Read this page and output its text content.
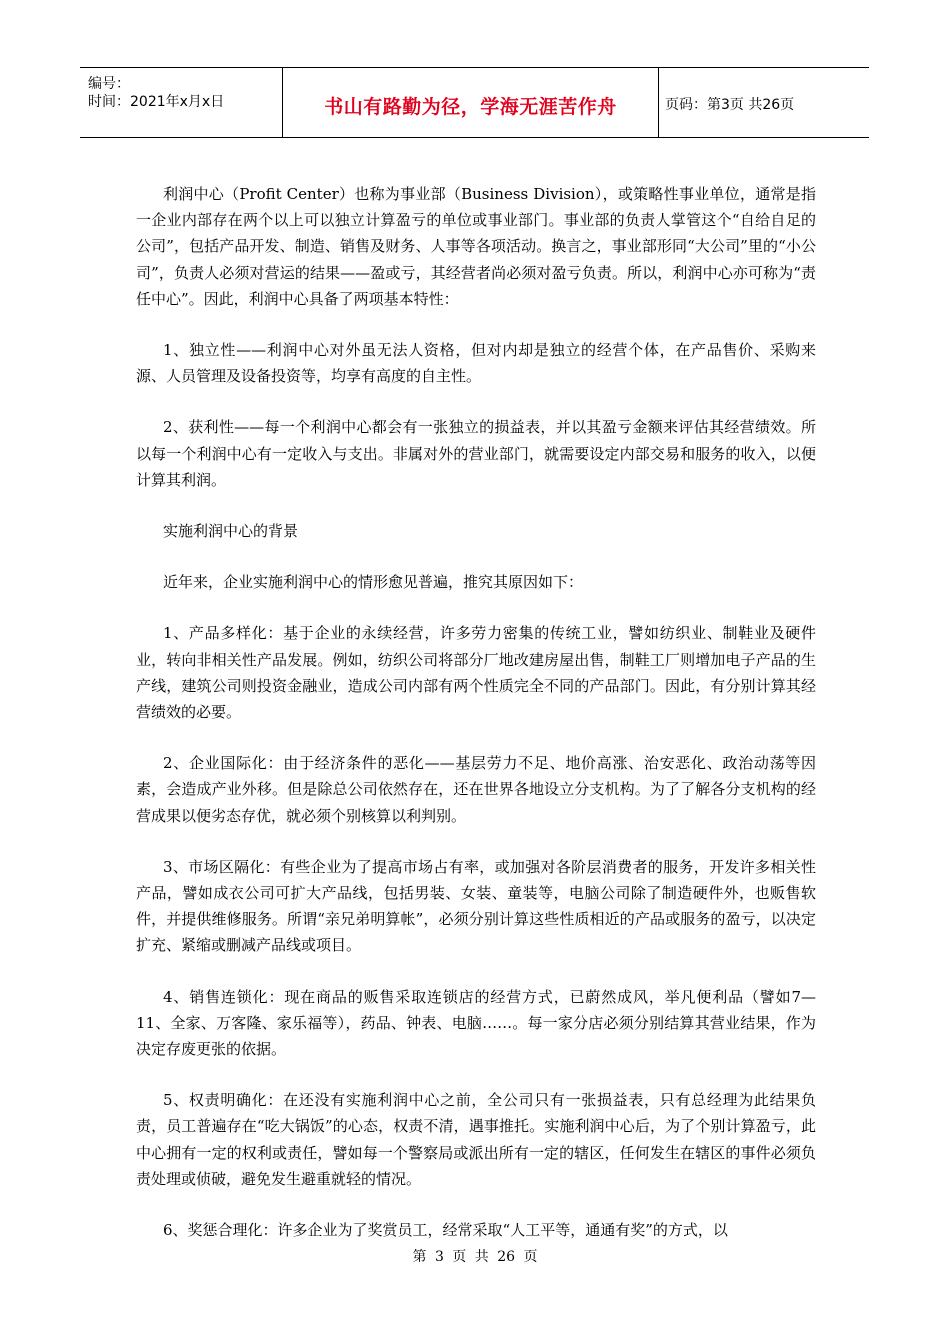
编号：
时间：2021年x月x日	书山有路勤为径，学海无涯苦作舟	页码：第3页 共26页

利润中心（Profit Center）也称为事业部（Business Division），或策略性事业单位，通常是指一企业内部存在两个以上可以独立计算盈亏的单位或事业部门。事业部的负责人掌管这个“自给自足的公司”，包括产品开发、制造、销售及财务、人事等各项活动。换言之，事业部形同“大公司”里的“小公司”，负责人必须对营运的结果——盈或亏，其经营者尚必须对盈亏负责。所以，利润中心亦可称为“责任中心”。因此，利润中心具备了两项基本特性：

1、独立性——利润中心对外虽无法人资格，但对内却是独立的经营个体，在产品售价、采购来源、人员管理及设备投资等，均享有高度的自主性。

2、获利性——每一个利润中心都会有一张独立的损益表，并以其盈亏金额来评估其经营绩效。所以每一个利润中心有一定收入与支出。非属对外的营业部门，就需要设定内部交易和服务的收入，以便计算其利润。

实施利润中心的背景

近年来，企业实施利润中心的情形愈见普遍，推究其原因如下：

1、产品多样化：基于企业的永续经营，许多劳力密集的传统工业，譬如纺织业、制鞋业及硬件业，转向非相关性产品发展。例如，纺织公司将部分厂地改建房屋出售，制鞋工厂则增加电子产品的生产线，建筑公司则投资金融业，造成公司内部有两个性质完全不同的产品部门。因此，有分别计算其经营绩效的必要。

2、企业国际化：由于经济条件的恶化——基层劳力不足、地价高涨、治安恶化、政治动荡等因素，会造成产业外移。但是除总公司依然存在，还在世界各地设立分支机构。为了了解各分支机构的经营成果以便劣态存优，就必须个别核算以利判别。

3、市场区隔化：有些企业为了提高市场占有率，或加强对各阶层消费者的服务，开发许多相关性产品，譬如成衣公司可扩大产品线，包括男装、女装、童装等，电脑公司除了制造硬件外，也贩售软件，并提供维修服务。所谓“亲兄弟明算帐”，必须分别计算这些性质相近的产品或服务的盈亏，以决定扩充、紧缩或删减产品线或项目。

4、销售连锁化：现在商品的贩售采取连锁店的经营方式，已蔚然成风，举凡便利品（譬如7—11、全家、万客隆、家乐福等），药品、钟表、电脑……。每一家分店必须分别结算其营业结果，作为决定存废更张的依据。

5、权责明确化：在还没有实施利润中心之前，全公司只有一张损益表，只有总经理为此结果负责，员工普遍存在“吃大锅饭”的心态，权责不清，遇事推托。实施利润中心后，为了个别计算盈亏，此中心拥有一定的权利或责任，譬如每一个警察局或派出所有一定的辖区，任何发生在辖区的事件必须负责处理或侦破，避免发生避重就轻的情况。

6、奖惩合理化：许多企业为了奖赏员工，经常采取“人工平等，通通有奖”的方式，以

第 3 页 共 26 页
